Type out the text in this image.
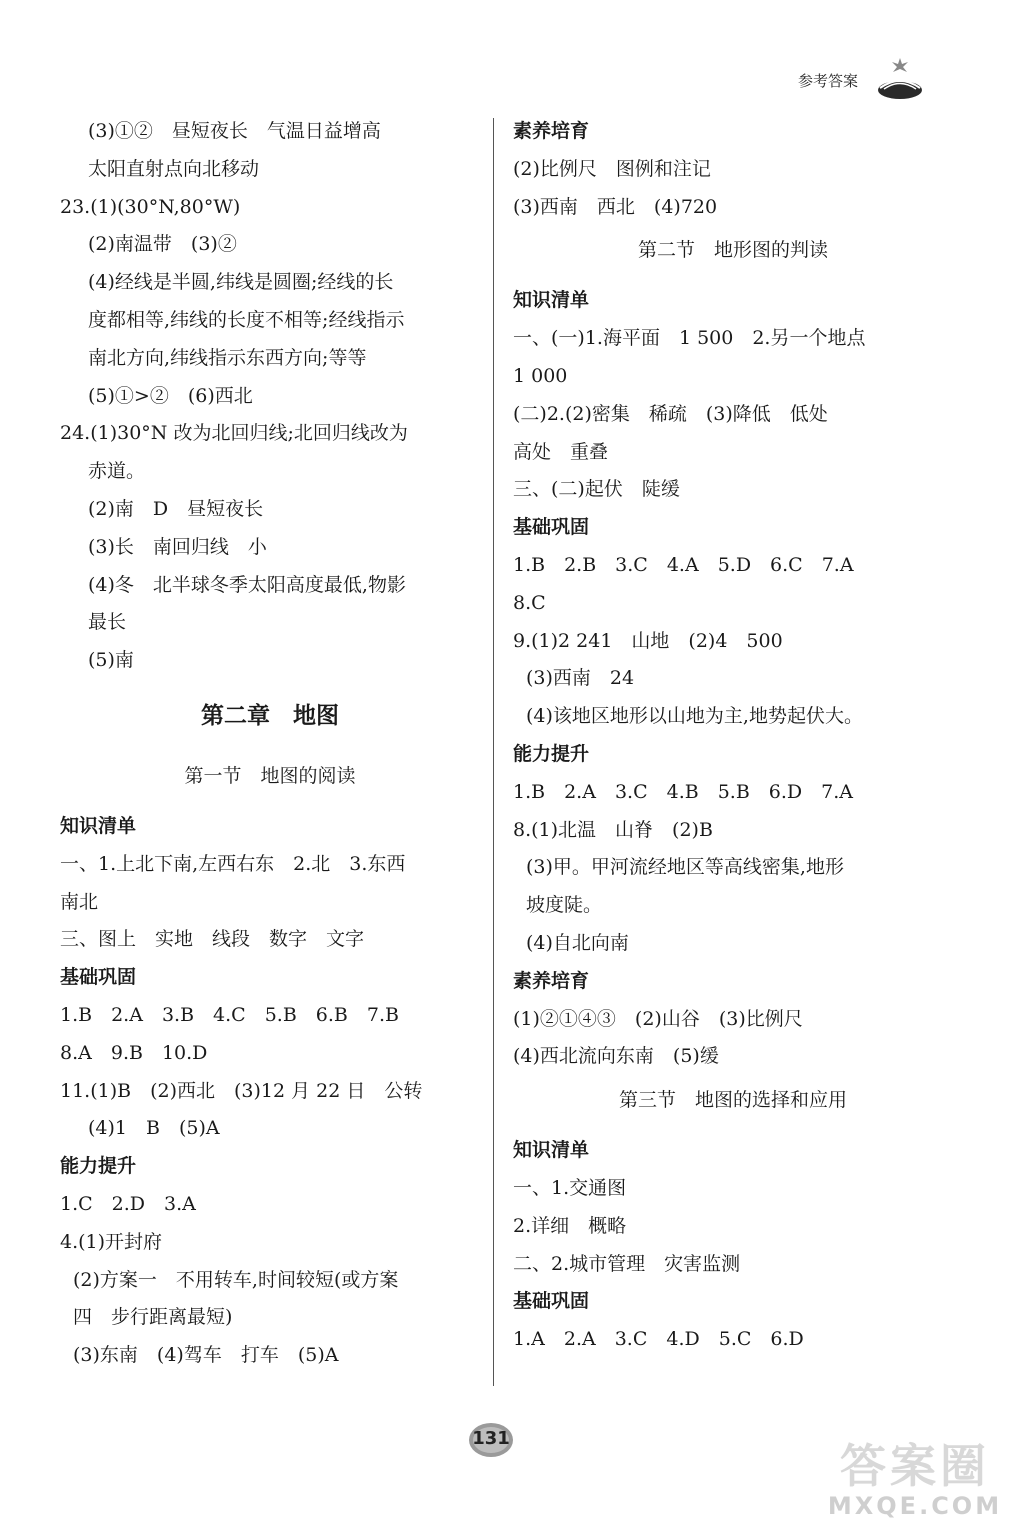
参考答案
(3)①②　昼短夜长　气温日益增高
太阳直射点向北移动
23.(1)(30°N,80°W)
(2)南温带　(3)②
(4)经线是半圆,纬线是圆圈;经线的长
度都相等,纬线的长度不相等;经线指示
南北方向,纬线指示东西方向;等等
(5)①>②　(6)西北
24.(1)30°N 改为北回归线;北回归线改为
赤道。
(2)南　D　昼短夜长
(3)长　南回归线　小
(4)冬　北半球冬季太阳高度最低,物影
最长
(5)南
第二章　地图
第一节　地图的阅读
知识清单
一、1.上北下南,左西右东　2.北　3.东西
南北
三、图上　实地　线段　数字　文字
基础巩固
1.B　2.A　3.B　4.C　5.B　6.B　7.B
8.A　9.B　10.D
11.(1)B　(2)西北　(3)12 月 22 日　公转
(4)1　B　(5)A
能力提升
1.C　2.D　3.A
4.(1)开封府
(2)方案一　不用转车,时间较短(或方案
四　步行距离最短)
(3)东南　(4)驾车　打车　(5)A
素养培育
(2)比例尺　图例和注记
(3)西南　西北　(4)720
第二节　地形图的判读
知识清单
一、(一)1.海平面　1 500　2.另一个地点
1 000
(二)2.(2)密集　稀疏　(3)降低　低处
高处　重叠
三、(二)起伏　陡缓
基础巩固
1.B　2.B　3.C　4.A　5.D　6.C　7.A
8.C
9.(1)2 241　山地　(2)4　500
(3)西南　24
(4)该地区地形以山地为主,地势起伏大。
能力提升
1.B　2.A　3.C　4.B　5.B　6.D　7.A
8.(1)北温　山脊　(2)B
(3)甲。甲河流经地区等高线密集,地形
坡度陡。
(4)自北向南
素养培育
(1)②①④③　(2)山谷　(3)比例尺
(4)西北流向东南　(5)缓
第三节　地图的选择和应用
知识清单
一、1.交通图
2.详细　概略
二、2.城市管理　灾害监测
基础巩固
1.A　2.A　3.C　4.D　5.C　6.D
131
答案圈
MXQE.COM
